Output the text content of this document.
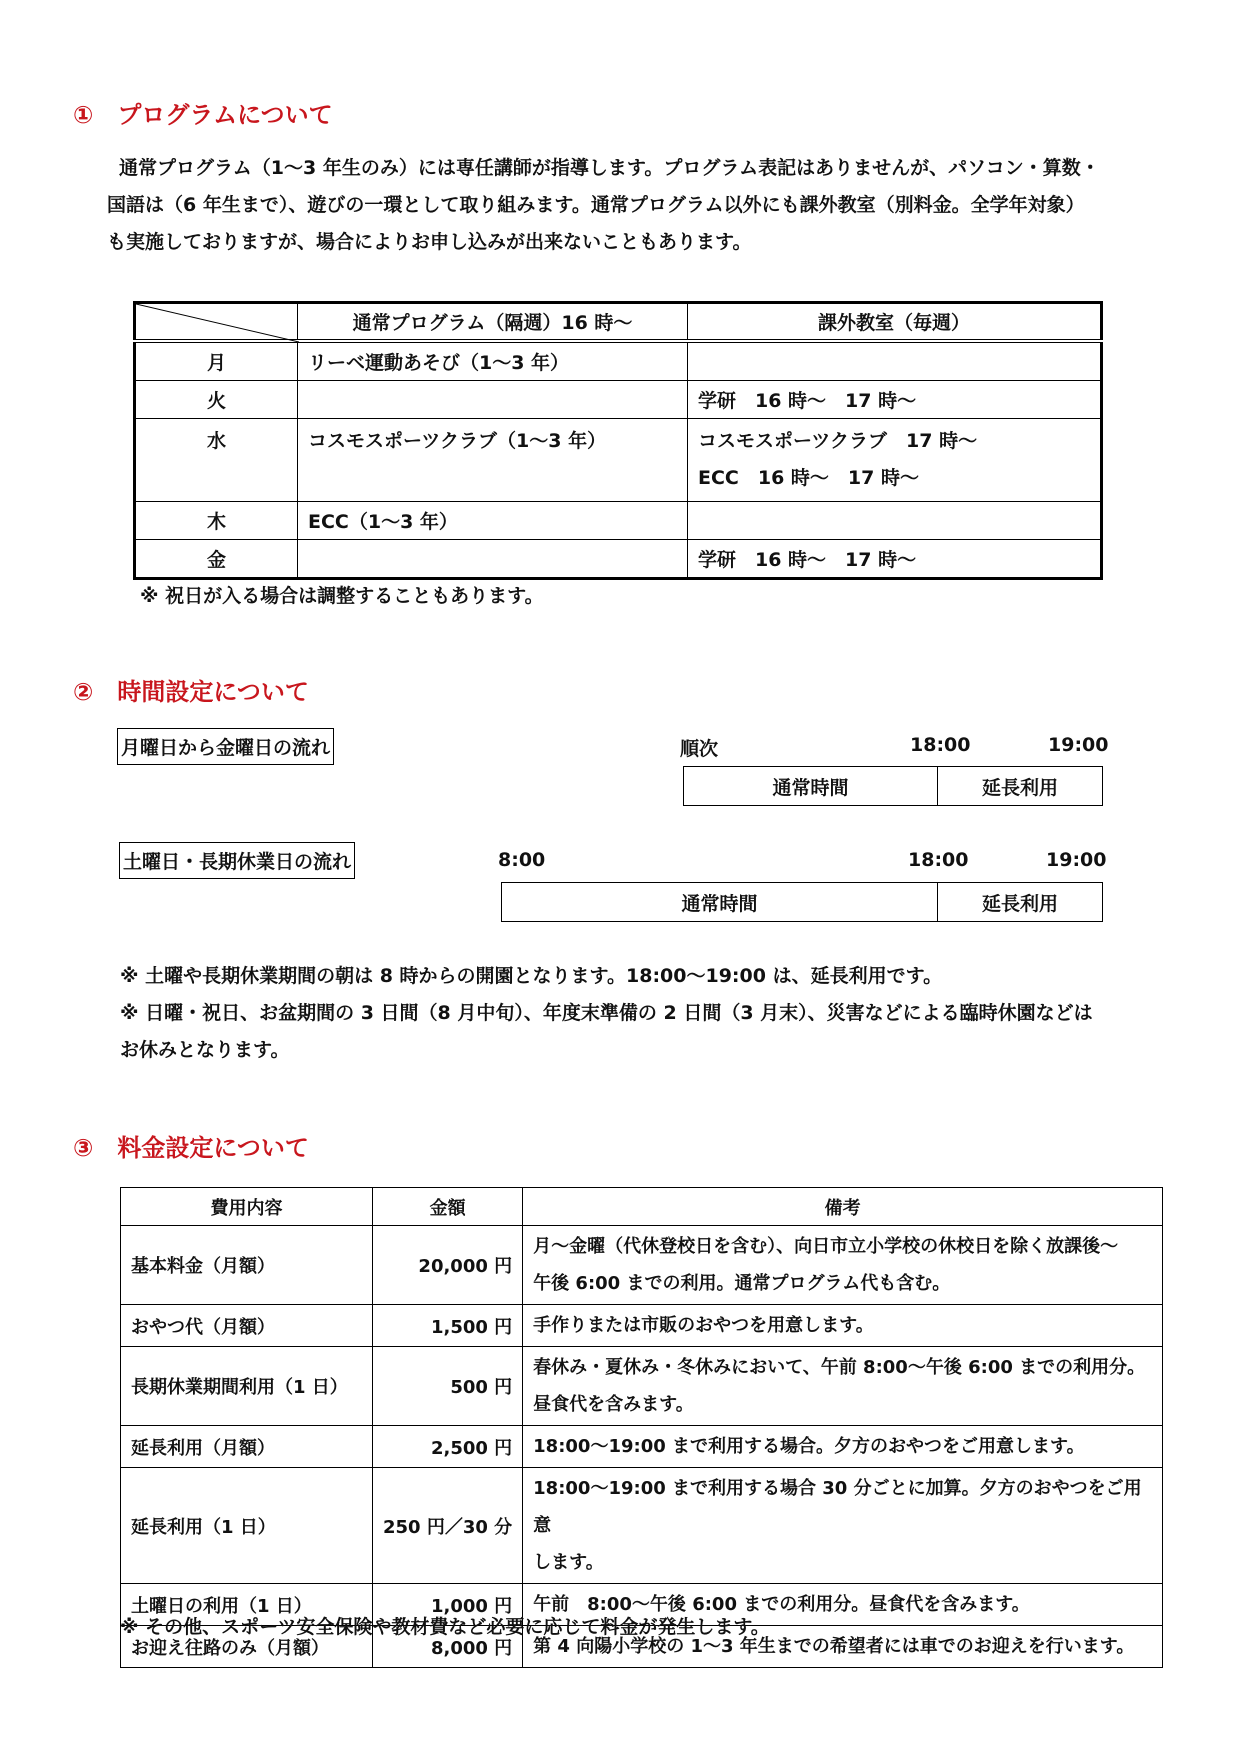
①　プログラムについて
通常プログラム（1～3 年生のみ）には専任講師が指導します。プログラム表記はありませんが、パソコン・算数・
国語は（6 年生まで）、遊びの一環として取り組みます。通常プログラム以外にも課外教室（別料金。全学年対象）
も実施しておりますが、場合によりお申し込みが出来ないこともあります。
	通常プログラム（隔週）16 時～	課外教室（毎週）
月	リーベ運動あそび（1～3 年）	
火		学研　16 時～　17 時～
水	コスモスポーツクラブ（1～3 年）	コスモスポーツクラブ　17 時～
ECC　16 時～　17 時～

木	ECC（1～3 年）	
金		学研　16 時～　17 時～
※ 祝日が入る場合は調整することもあります。
②　時間設定について
月曜日から金曜日の流れ	順次	18:00	19:00
通常時間	延長利用
土曜日・長期休業日の流れ	8:00	18:00	19:00
通常時間	延長利用
※ 土曜や長期休業期間の朝は 8 時からの開園となります。18:00～19:00 は、延長利用です。
※ 日曜・祝日、お盆期間の 3 日間（8 月中旬）、年度末準備の 2 日間（3 月末）、災害などによる臨時休園などは
お休みとなります。
③　料金設定について
費用内容	金額	備考
基本料金（月額）	20,000 円	月～金曜（代休登校日を含む）、向日市立小学校の休校日を除く放課後～
午後 6:00 までの利用。通常プログラム代も含む。

おやつ代（月額）	1,500 円	手作りまたは市販のおやつを用意します。

長期休業期間利用（1 日）	500 円	春休み・夏休み・冬休みにおいて、午前 8:00～午後 6:00 までの利用分。
昼食代を含みます。

延長利用（月額）	2,500 円	18:00～19:00 まで利用する場合。夕方のおやつをご用意します。

延長利用（1 日）	250 円／30 分	18:00～19:00 まで利用する場合 30 分ごとに加算。夕方のおやつをご用意
します。

土曜日の利用（1 日）	1,000 円	午前　8:00～午後 6:00 までの利用分。昼食代を含みます。

お迎え往路のみ（月額）	8,000 円	第 4 向陽小学校の 1～3 年生までの希望者には車でのお迎えを行います。
※ その他、スポーツ安全保険や教材費など必要に応じて料金が発生します。
